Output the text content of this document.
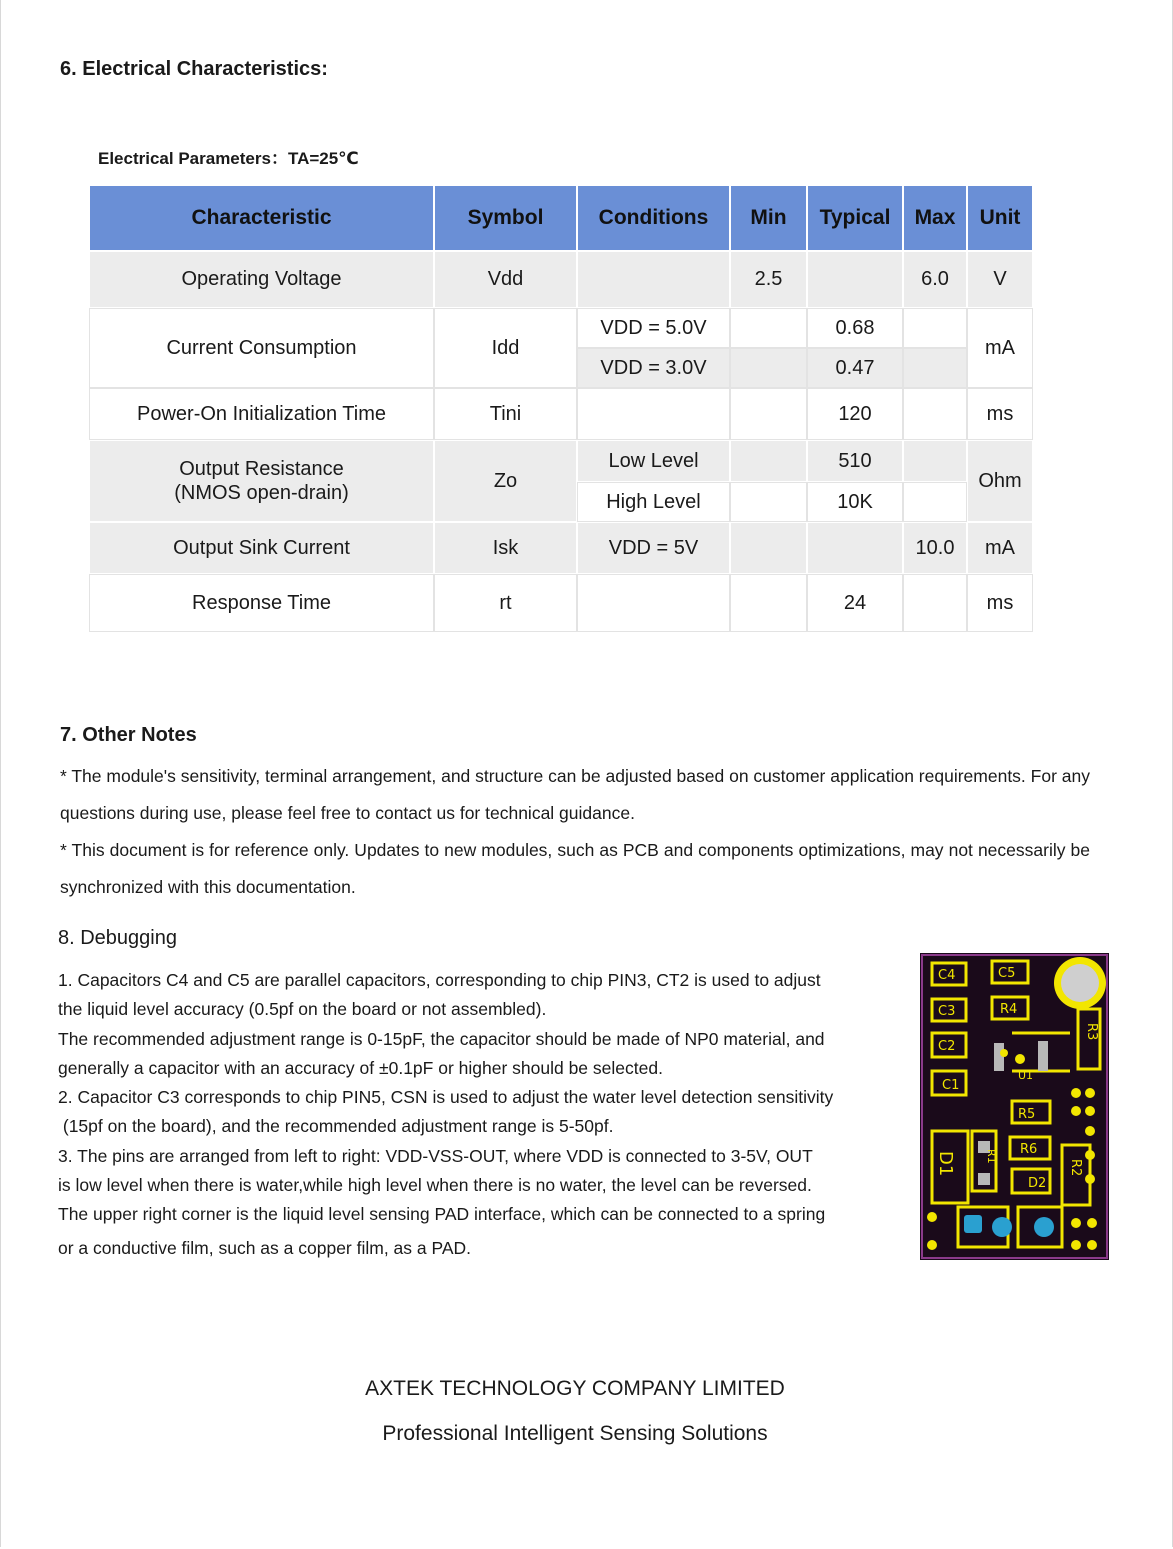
6. Electrical Characteristics:
Electrical Parameters：TA=25℃
Characteristic	Symbol	Conditions	Min	Typical	Max	Unit
Operating Voltage	Vdd		2.5		6.0	V
Current Consumption	Idd	VDD = 5.0V		0.68		mA
		VDD = 3.0V		0.47		
Power-On Initialization Time	Tini			120		ms

Output Resistance
(NMOS open-drain)	Zo	Low Level		510		Ohm
		High Level		10K		
Output Sink Current	Isk	VDD = 5V			10.0	mA
Response Time	rt			24		ms
7. Other Notes
* The module's sensitivity, terminal arrangement, and structure can be adjusted based on customer application requirements. For any questions during use, please feel free to contact us for technical guidance.
* This document is for reference only. Updates to new modules, such as PCB and components optimizations, may not necessarily be synchronized with this documentation.
8. Debugging
1. Capacitors C4 and C5 are parallel capacitors, corresponding to chip PIN3, CT2 is used to adjust
the liquid level accuracy (0.5pf on the board or not assembled).
The recommended adjustment range is 0-15pF, the capacitor should be made of NP0 material, and
generally a capacitor with an accuracy of ±0.1pF or higher should be selected.
2. Capacitor C3 corresponds to chip PIN5, CSN is used to adjust the water level detection sensitivity
(15pf on the board), and the recommended adjustment range is 5-50pf.
3. The pins are arranged from left to right: VDD-VSS-OUT, where VDD is connected to 3-5V, OUT
is low level when there is water,while high level when there is no water, the level can be reversed.
The upper right corner is the liquid level sensing PAD interface, which can be connected to a spring
or a conductive film, such as a copper film, as a PAD.
C4	C5
C3	R4
C2
C1
R5
R6
D2
U1
R3
R2
R1
D1
AXTEK TECHNOLOGY COMPANY LIMITED
Professional Intelligent Sensing Solutions
